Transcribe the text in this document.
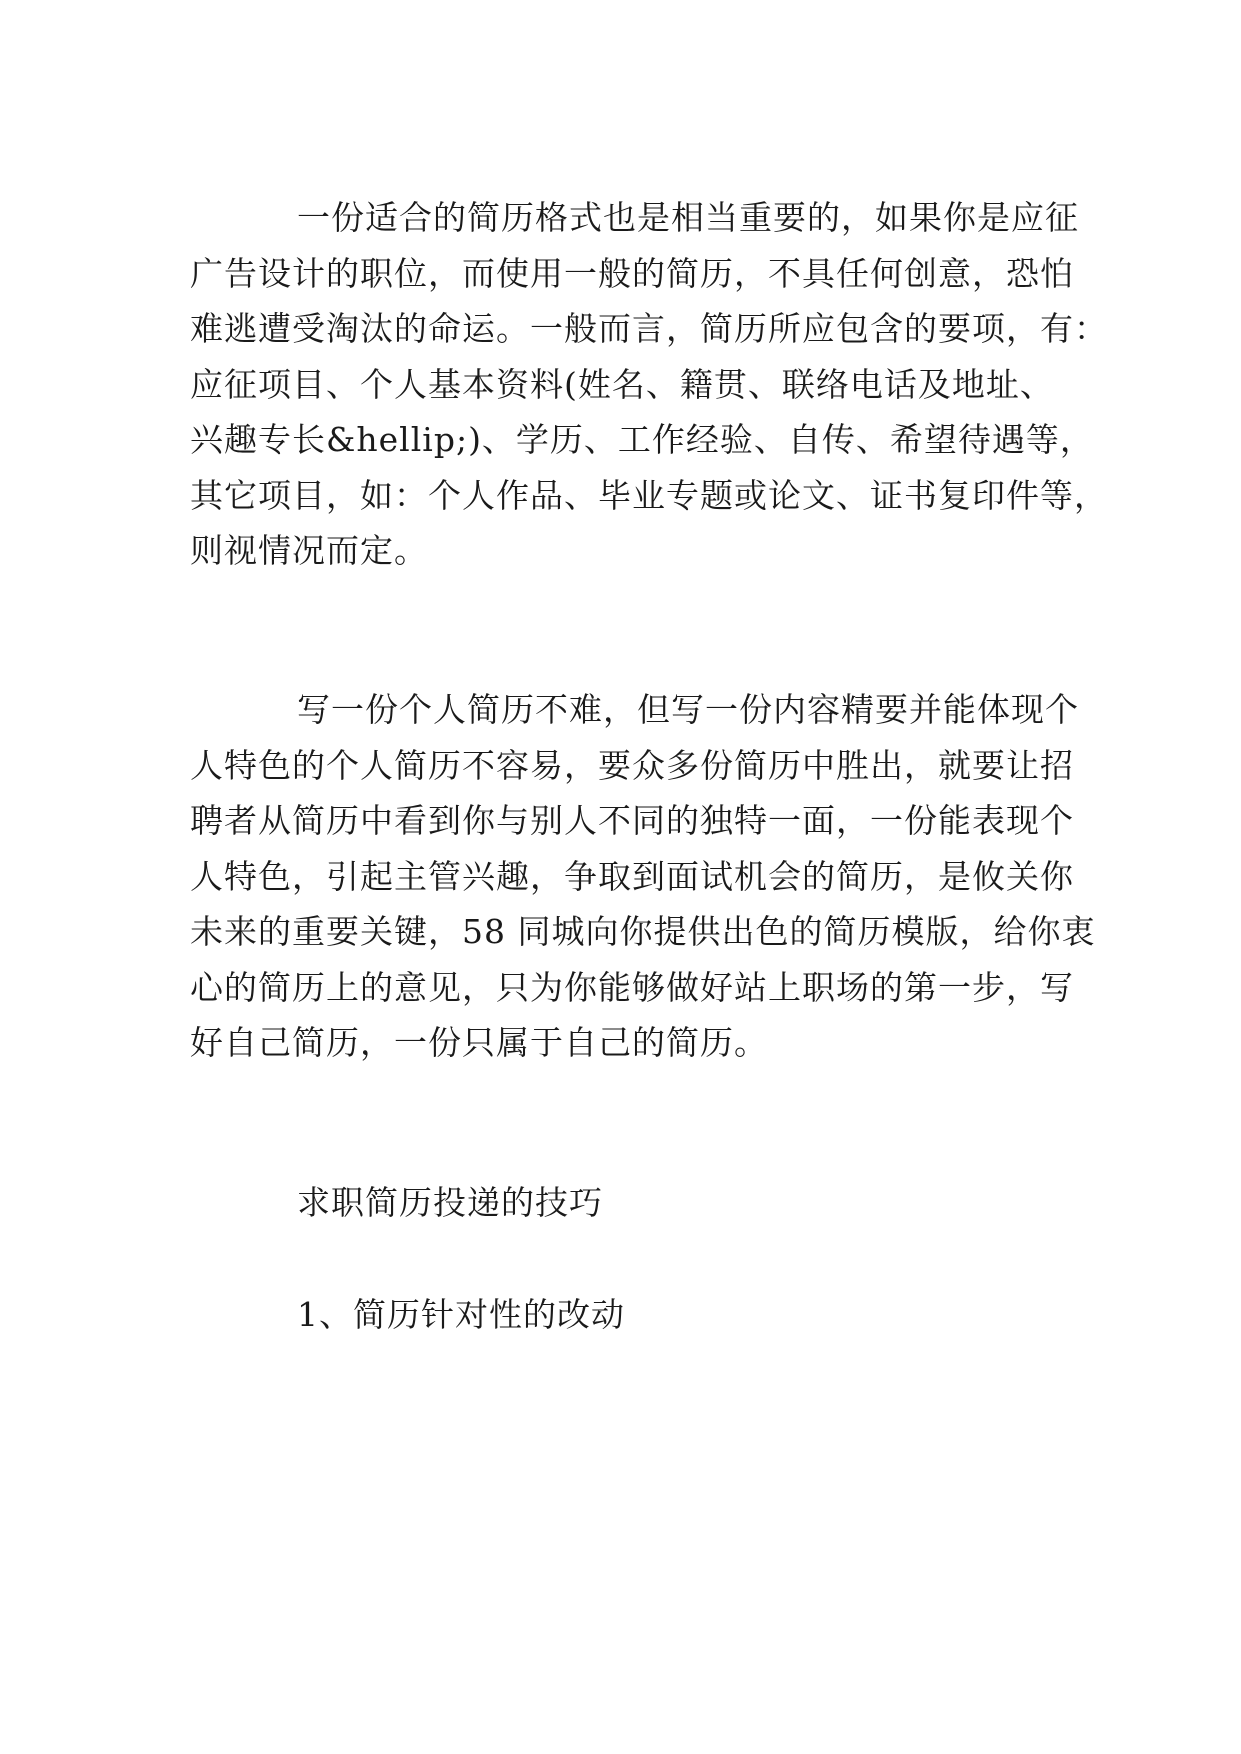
一份适合的简历格式也是相当重要的，如果你是应征
广告设计的职位，而使用一般的简历，不具任何创意，恐怕
难逃遭受淘汰的命运。一般而言，简历所应包含的要项，有：
应征项目、个人基本资料(姓名、籍贯、联络电话及地址、
兴趣专长&hellip;)、学历、工作经验、自传、希望待遇等，
其它项目，如：个人作品、毕业专题或论文、证书复印件等，
则视情况而定。
写一份个人简历不难，但写一份内容精要并能体现个
人特色的个人简历不容易，要众多份简历中胜出，就要让招
聘者从简历中看到你与别人不同的独特一面，一份能表现个
人特色，引起主管兴趣，争取到面试机会的简历，是攸关你
未来的重要关键，58 同城向你提供出色的简历模版，给你衷
心的简历上的意见，只为你能够做好站上职场的第一步，写
好自己简历，一份只属于自己的简历。
求职简历投递的技巧
1、简历针对性的改动
